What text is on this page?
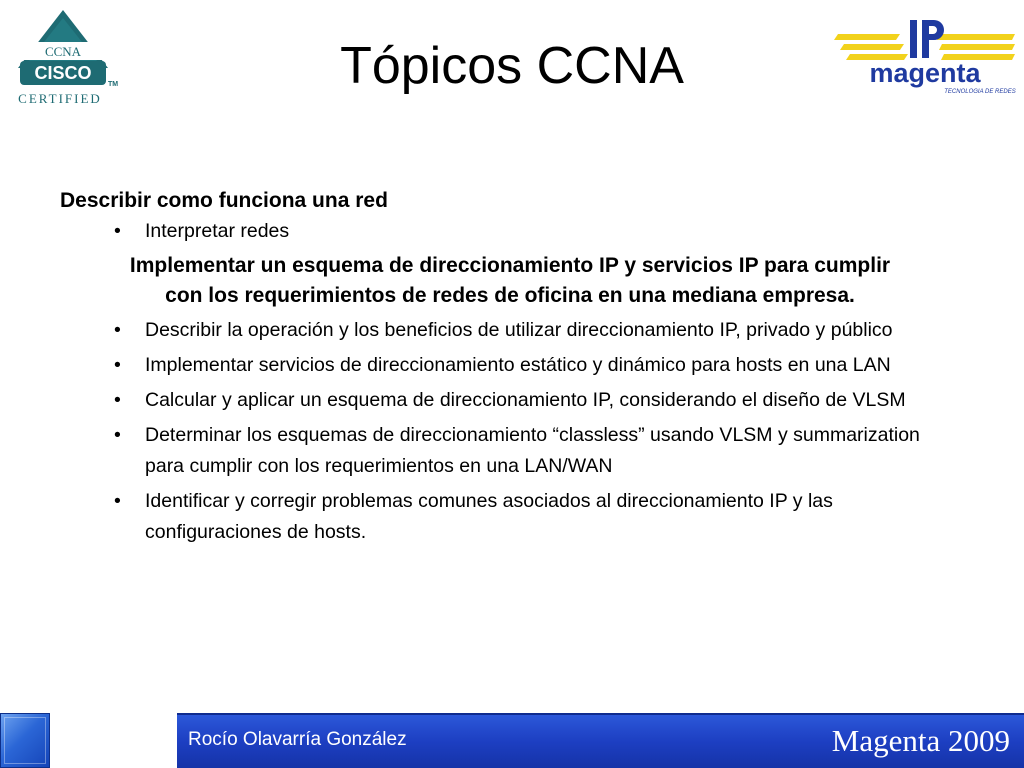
CCNA
CISCO
TM
CERTIFIED
magenta
TECNOLOGIA DE REDES
Tópicos CCNA

Describir como funciona una red

• Interpretar redes

Implementar un esquema de direccionamiento IP y servicios IP para cumplir

con los requerimientos de redes de oficina en una mediana empresa.

• Describir la operación y los beneficios de utilizar direccionamiento IP, privado y público
• Implementar servicios de direccionamiento estático y dinámico para hosts en una LAN
• Calcular y aplicar un esquema de direccionamiento IP, considerando el diseño de VLSM
• Determinar los esquemas de direccionamiento “classless” usando VLSM y summarization para cumplir con los requerimientos en una LAN/WAN
• Identificar y corregir problemas comunes asociados al direccionamiento IP y las configuraciones de hosts.
Rocío Olavarría González	Magenta 2009
